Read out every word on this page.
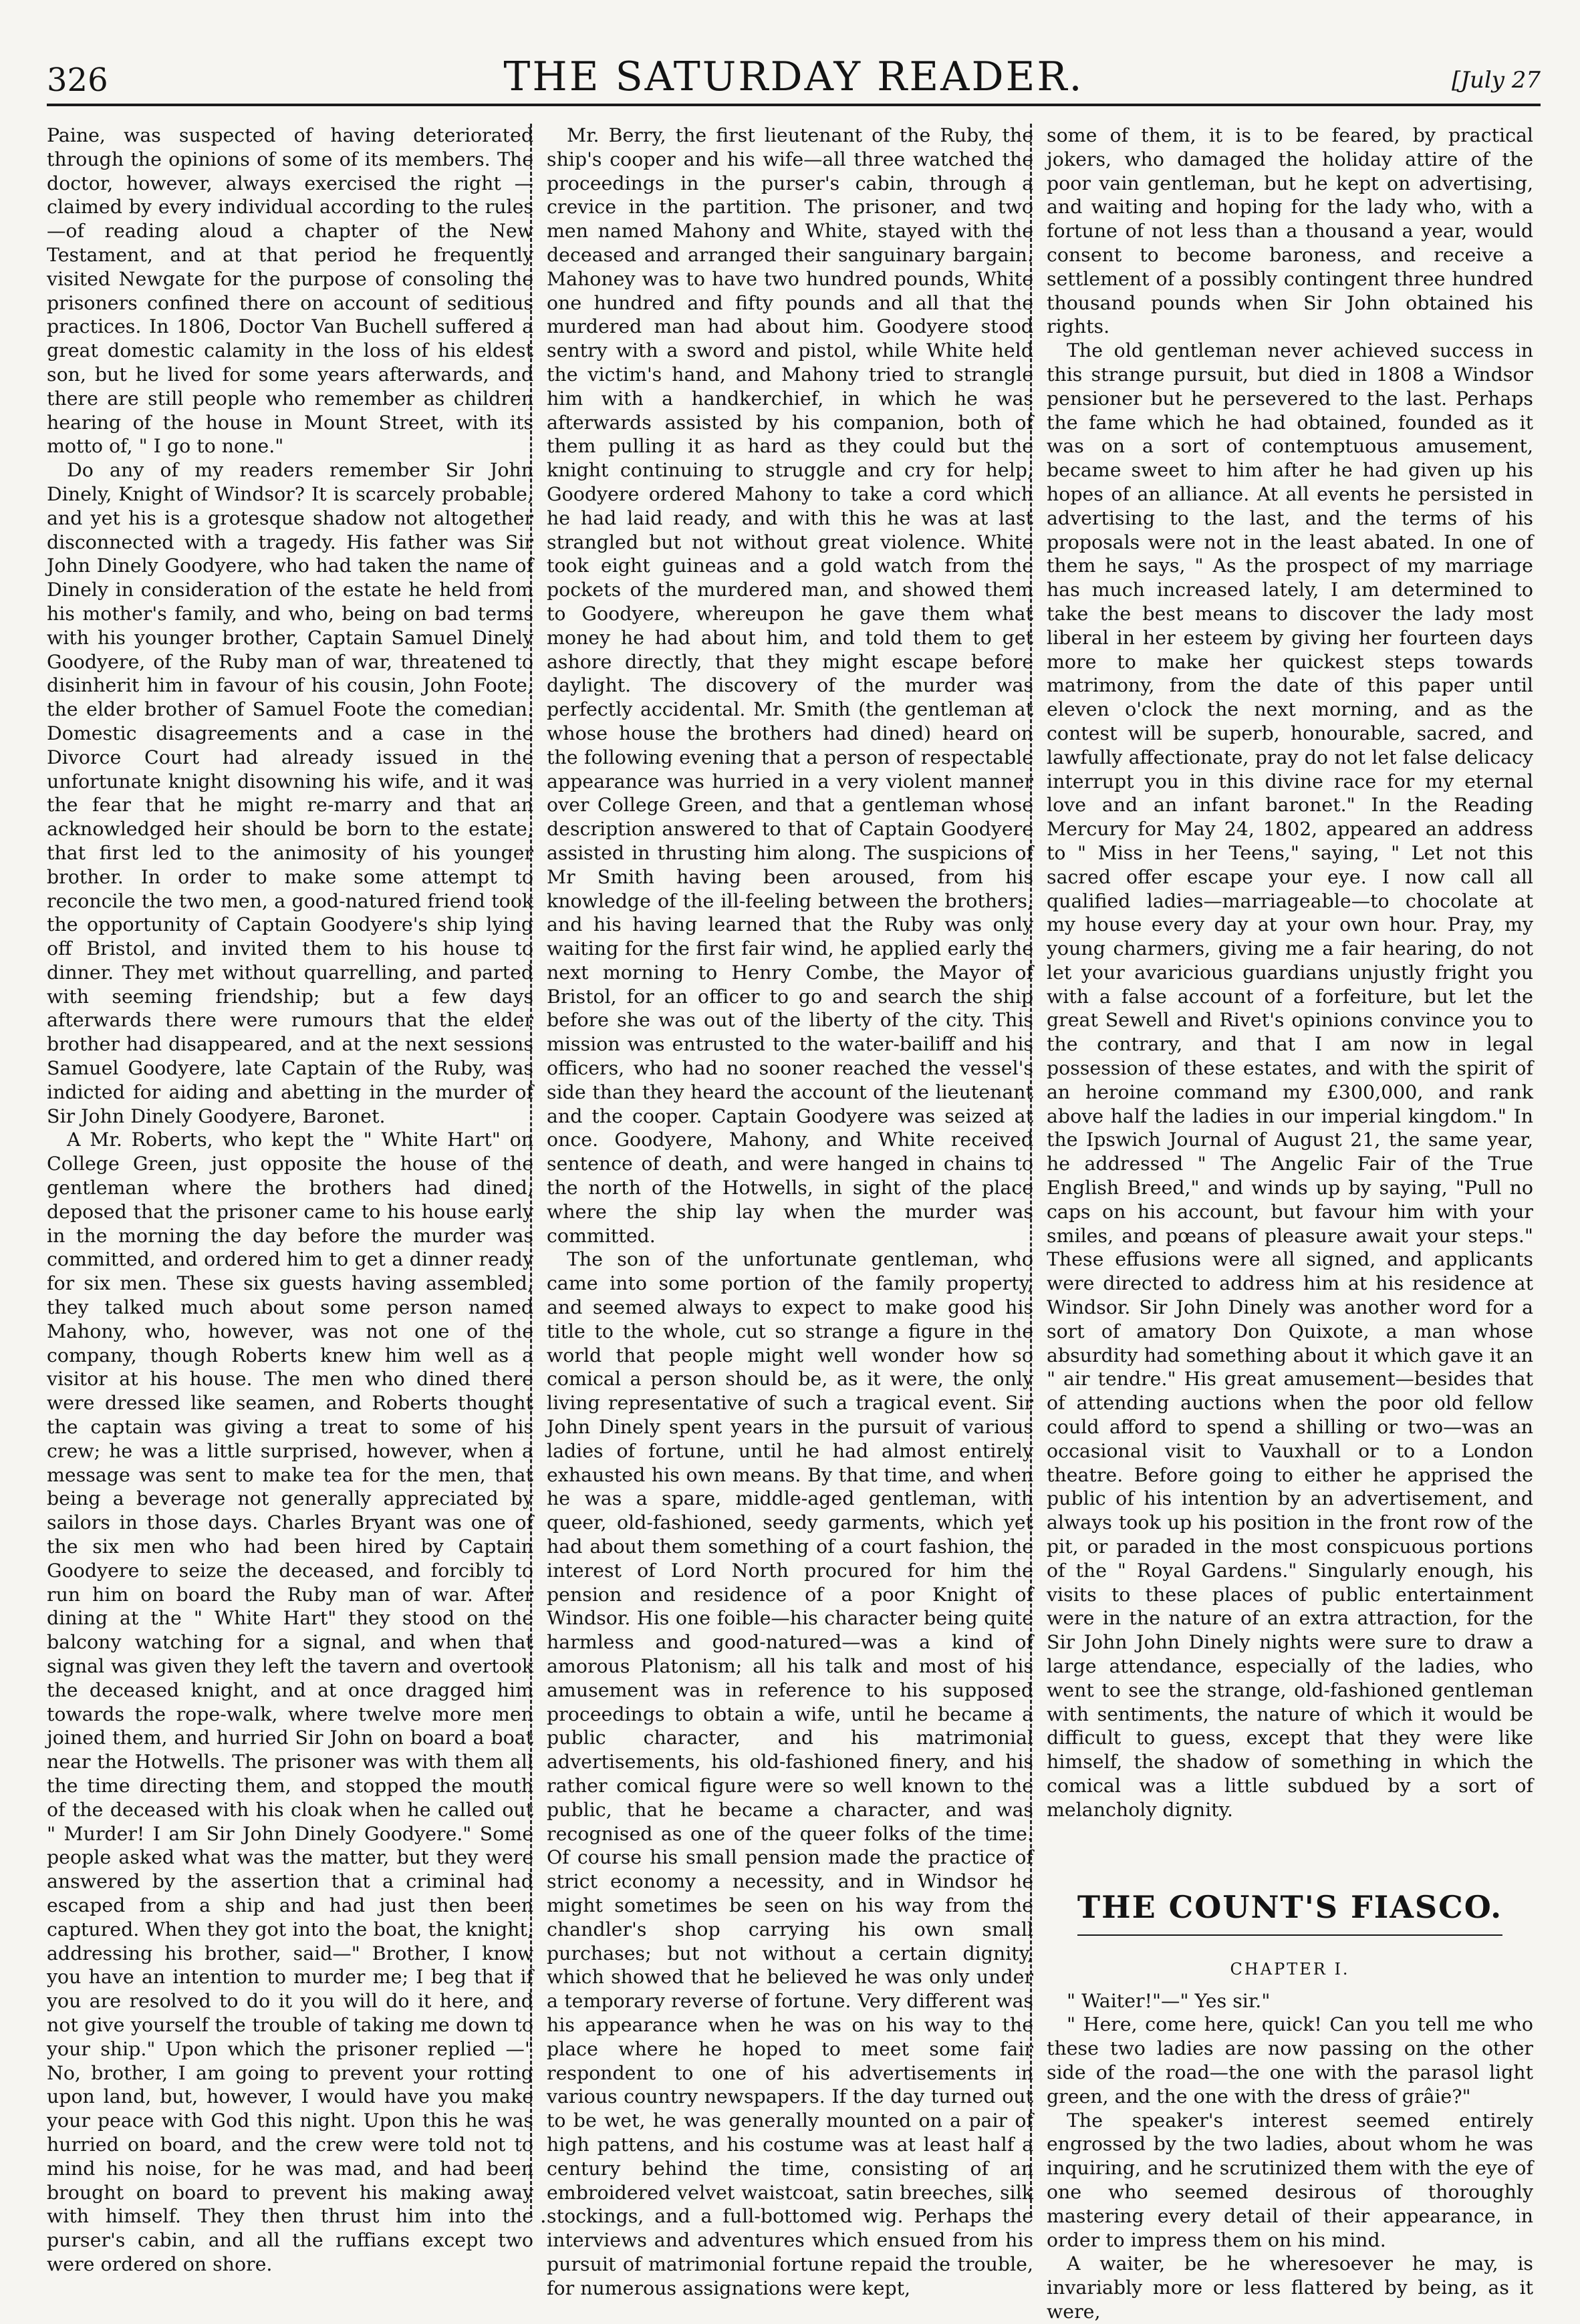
326	THE SATURDAY READER.	[July 27

Paine, was suspected of having deteriorated through the opinions of some of its members. The doctor, however, always exercised the right —claimed by every individual according to the rules—of reading aloud a chapter of the New Testament, and at that period he frequently visited Newgate for the purpose of consoling the prisoners confined there on account of seditious practices. In 1806, Doctor Van Buchell suffered a great domestic calamity in the loss of his eldest son, but he lived for some years afterwards, and there are still people who remember as children hearing of the house in Mount Street, with its motto of, " I go to none."

Do any of my readers remember Sir John Dinely, Knight of Windsor? It is scarcely probable, and yet his is a grotesque shadow not altogether disconnected with a tragedy. His father was Sir John Dinely Goodyere, who had taken the name of Dinely in consideration of the estate he held from his mother's family, and who, being on bad terms with his younger brother, Captain Samuel Dinely Goodyere, of the Ruby man of war, threatened to disinherit him in favour of his cousin, John Foote, the elder brother of Samuel Foote the comedian. Domestic disagreements and a case in the Divorce Court had already issued in the unfortunate knight disowning his wife, and it was the fear that he might re-marry and that an acknowledged heir should be born to the estate, that first led to the animosity of his younger brother. In order to make some attempt to reconcile the two men, a good-natured friend took the opportunity of Captain Goodyere's ship lying off Bristol, and invited them to his house to dinner. They met without quarrelling, and parted with seeming friendship; but a few days afterwards there were rumours that the elder brother had disappeared, and at the next sessions Samuel Goodyere, late Captain of the Ruby, was indicted for aiding and abetting in the murder of Sir John Dinely Goodyere, Baronet.

A Mr. Roberts, who kept the " White Hart" on College Green, just opposite the house of the gentleman where the brothers had dined, deposed that the prisoner came to his house early in the morning the day before the murder was committed, and ordered him to get a dinner ready for six men. These six guests having assembled, they talked much about some person named Mahony, who, however, was not one of the company, though Roberts knew him well as a visitor at his house. The men who dined there were dressed like seamen, and Roberts thought the captain was giving a treat to some of his crew; he was a little surprised, however, when a message was sent to make tea for the men, that being a beverage not generally appreciated by sailors in those days. Charles Bryant was one of the six men who had been hired by Captain Goodyere to seize the deceased, and forcibly to run him on board the Ruby man of war. After dining at the " White Hart" they stood on the balcony watching for a signal, and when that signal was given they left the tavern and overtook the deceased knight, and at once dragged him towards the rope-walk, where twelve more men joined them, and hurried Sir John on board a boat near the Hotwells. The prisoner was with them all the time directing them, and stopped the mouth of the deceased with his cloak when he called out " Murder! I am Sir John Dinely Goodyere." Some people asked what was the matter, but they were answered by the assertion that a criminal had escaped from a ship and had just then been captured. When they got into the boat, the knight, addressing his brother, said—" Brother, I know you have an intention to murder me; I beg that if you are resolved to do it you will do it here, and not give yourself the trouble of taking me down to your ship." Upon which the prisoner replied —" No, brother, I am going to prevent your rotting upon land, but, however, I would have you make your peace with God this night. Upon this he was hurried on board, and the crew were told not to mind his noise, for he was mad, and had been brought on board to prevent his making away with himself. They then thrust him into the purser's cabin, and all the ruffians except two were ordered on shore.

Mr. Berry, the first lieutenant of the Ruby, the ship's cooper and his wife—all three watched the proceedings in the purser's cabin, through a crevice in the partition. The prisoner, and two men named Mahony and White, stayed with the deceased and arranged their sanguinary bargain. Mahoney was to have two hundred pounds, White one hundred and fifty pounds and all that the murdered man had about him. Goodyere stood sentry with a sword and pistol, while White held the victim's hand, and Mahony tried to strangle him with a handkerchief, in which he was afterwards assisted by his companion, both of them pulling it as hard as they could but the knight continuing to struggle and cry for help, Goodyere ordered Mahony to take a cord which he had laid ready, and with this he was at last strangled but not without great violence. White took eight guineas and a gold watch from the pockets of the murdered man, and showed them to Goodyere, whereupon he gave them what money he had about him, and told them to get ashore directly, that they might escape before daylight. The discovery of the murder was perfectly accidental. Mr. Smith (the gentleman at whose house the brothers had dined) heard on the following evening that a person of respectable appearance was hurried in a very violent manner over College Green, and that a gentleman whose description answered to that of Captain Goodyere assisted in thrusting him along. The suspicions of Mr Smith having been aroused, from his knowledge of the ill-feeling between the brothers, and his having learned that the Ruby was only waiting for the first fair wind, he applied early the next morning to Henry Combe, the Mayor of Bristol, for an officer to go and search the ship before she was out of the liberty of the city. This mission was entrusted to the water-bailiff and his officers, who had no sooner reached the vessel's side than they heard the account of the lieutenant and the cooper. Captain Goodyere was seized at once. Goodyere, Mahony, and White received sentence of death, and were hanged in chains to the north of the Hotwells, in sight of the place where the ship lay when the murder was committed.

The son of the unfortunate gentleman, who came into some portion of the family property, and seemed always to expect to make good his title to the whole, cut so strange a figure in the world that people might well wonder how so comical a person should be, as it were, the only living representative of such a tragical event. Sir John Dinely spent years in the pursuit of various ladies of fortune, until he had almost entirely exhausted his own means. By that time, and when he was a spare, middle-aged gentleman, with queer, old-fashioned, seedy garments, which yet had about them something of a court fashion, the interest of Lord North procured for him the pension and residence of a poor Knight of Windsor. His one foible—his character being quite harmless and good-natured—was a kind of amorous Platonism; all his talk and most of his amusement was in reference to his supposed proceedings to obtain a wife, until he became a public character, and his matrimonial advertisements, his old-fashioned finery, and his rather comical figure were so well known to the public, that he became a character, and was recognised as one of the queer folks of the time. Of course his small pension made the practice of strict economy a necessity, and in Windsor he might sometimes be seen on his way from the chandler's shop carrying his own small purchases; but not without a certain dignity, which showed that he believed he was only under a temporary reverse of fortune. Very different was his appearance when he was on his way to the place where he hoped to meet some fair respondent to one of his advertisements in various country newspapers. If the day turned out to be wet, he was generally mounted on a pair of high pattens, and his costume was at least half a century behind the time, consisting of an embroidered velvet waistcoat, satin breeches, silk stockings, and a full-bottomed wig. Perhaps the interviews and adventures which ensued from his pursuit of matrimonial fortune repaid the trouble, for numerous assignations were kept,

some of them, it is to be feared, by practical jokers, who damaged the holiday attire of the poor vain gentleman, but he kept on advertising, and waiting and hoping for the lady who, with a fortune of not less than a thousand a year, would consent to become baroness, and receive a settlement of a possibly contingent three hundred thousand pounds when Sir John obtained his rights.

The old gentleman never achieved success in this strange pursuit, but died in 1808 a Windsor pensioner but he persevered to the last. Perhaps the fame which he had obtained, founded as it was on a sort of contemptuous amusement, became sweet to him after he had given up his hopes of an alliance. At all events he persisted in advertising to the last, and the terms of his proposals were not in the least abated. In one of them he says, " As the prospect of my marriage has much increased lately, I am determined to take the best means to discover the lady most liberal in her esteem by giving her fourteen days more to make her quickest steps towards matrimony, from the date of this paper until eleven o'clock the next morning, and as the contest will be superb, honourable, sacred, and lawfully affectionate, pray do not let false delicacy interrupt you in this divine race for my eternal love and an infant baronet." In the Reading Mercury for May 24, 1802, appeared an address to " Miss in her Teens," saying, " Let not this sacred offer escape your eye. I now call all qualified ladies—marriageable—to chocolate at my house every day at your own hour. Pray, my young charmers, giving me a fair hearing, do not let your avaricious guardians unjustly fright you with a false account of a forfeiture, but let the great Sewell and Rivet's opinions convince you to the contrary, and that I am now in legal possession of these estates, and with the spirit of an heroine command my £300,000, and rank above half the ladies in our imperial kingdom." In the Ipswich Journal of August 21, the same year, he addressed " The Angelic Fair of the True English Breed," and winds up by saying, "Pull no caps on his account, but favour him with your smiles, and pœans of pleasure await your steps." These effusions were all signed, and applicants were directed to address him at his residence at Windsor. Sir John Dinely was another word for a sort of amatory Don Quixote, a man whose absurdity had something about it which gave it an " air tendre." His great amusement—besides that of attending auctions when the poor old fellow could afford to spend a shilling or two—was an occasional visit to Vauxhall or to a London theatre. Before going to either he apprised the public of his intention by an advertisement, and always took up his position in the front row of the pit, or paraded in the most conspicuous portions of the " Royal Gardens." Singularly enough, his visits to these places of public entertainment were in the nature of an extra attraction, for the Sir John John Dinely nights were sure to draw a large attendance, especially of the ladies, who went to see the strange, old-fashioned gentleman with sentiments, the nature of which it would be difficult to guess, except that they were like himself, the shadow of something in which the comical was a little subdued by a sort of melancholy dignity.

THE COUNT'S FIASCO.
CHAPTER I.

" Waiter!"—" Yes sir."

" Here, come here, quick! Can you tell me who these two ladies are now passing on the other side of the road—the one with the parasol light green, and the one with the dress of grâie?"

The speaker's interest seemed entirely engrossed by the two ladies, about whom he was inquiring, and he scrutinized them with the eye of one who seemed desirous of thoroughly mastering every detail of their appearance, in order to impress them on his mind.

A waiter, be he wheresoever he may, is invariably more or less flattered by being, as it were,

·
